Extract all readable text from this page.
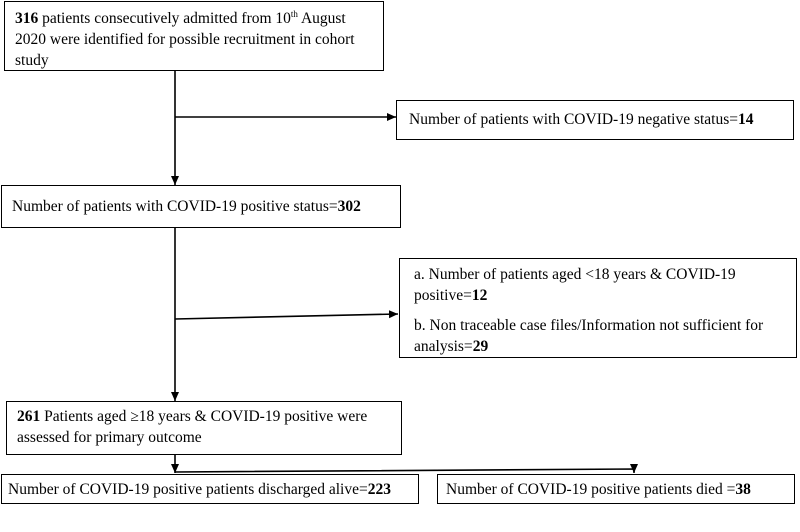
316 patients consecutively admitted from 10th August 2020 were identified for possible recruitment in cohort study

Number of patients with COVID-19 negative status=14

Number of patients with COVID-19 positive status=302

a. Number of patients aged <18 years & COVID-19 positive=12

b. Non traceable case files/Information not sufficient for analysis=29

261 Patients aged ≥18 years & COVID-19 positive were assessed for primary outcome

Number of COVID-19 positive patients discharged alive=223	Number of COVID-19 positive patients died =38
